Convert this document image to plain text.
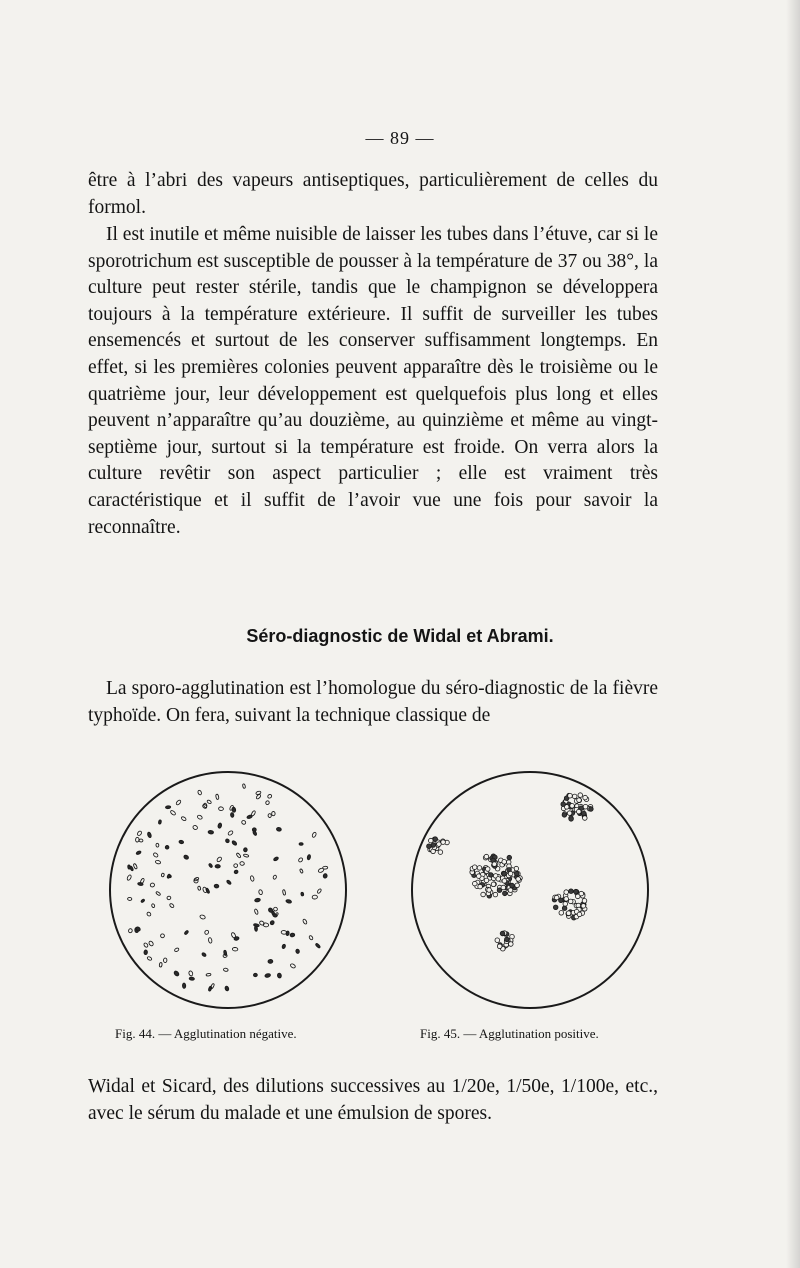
— 89 —

être à l’abri des vapeurs antiseptiques, particulièrement de celles du formol.

Il est inutile et même nuisible de laisser les tubes dans l’étuve, car si le sporotrichum est susceptible de pousser à la température de 37 ou 38°, la culture peut rester stérile, tandis que le champignon se développera toujours à la température extérieure. Il suffit de surveiller les tubes ensemencés et surtout de les conserver suffisamment longtemps. En effet, si les premières colonies peuvent apparaître dès le troisième ou le quatrième jour, leur développement est quelquefois plus long et elles peuvent n’apparaître qu’au douzième, au quinzième et même au vingt-septième jour, surtout si la température est froide. On verra alors la culture revêtir son aspect particulier ; elle est vraiment très caractéristique et il suffit de l’avoir vue une fois pour savoir la reconnaître.

Séro-diagnostic de Widal et Abrami.

La sporo-agglutination est l’homologue du séro-diagnostic de la fièvre typhoïde. On fera, suivant la technique classique de

Fig. 44. — Agglutination négative.	Fig. 45. — Agglutination positive.

Widal et Sicard, des dilutions successives au 1/20e, 1/50e, 1/100e, etc., avec le sérum du malade et une émulsion de spores.
